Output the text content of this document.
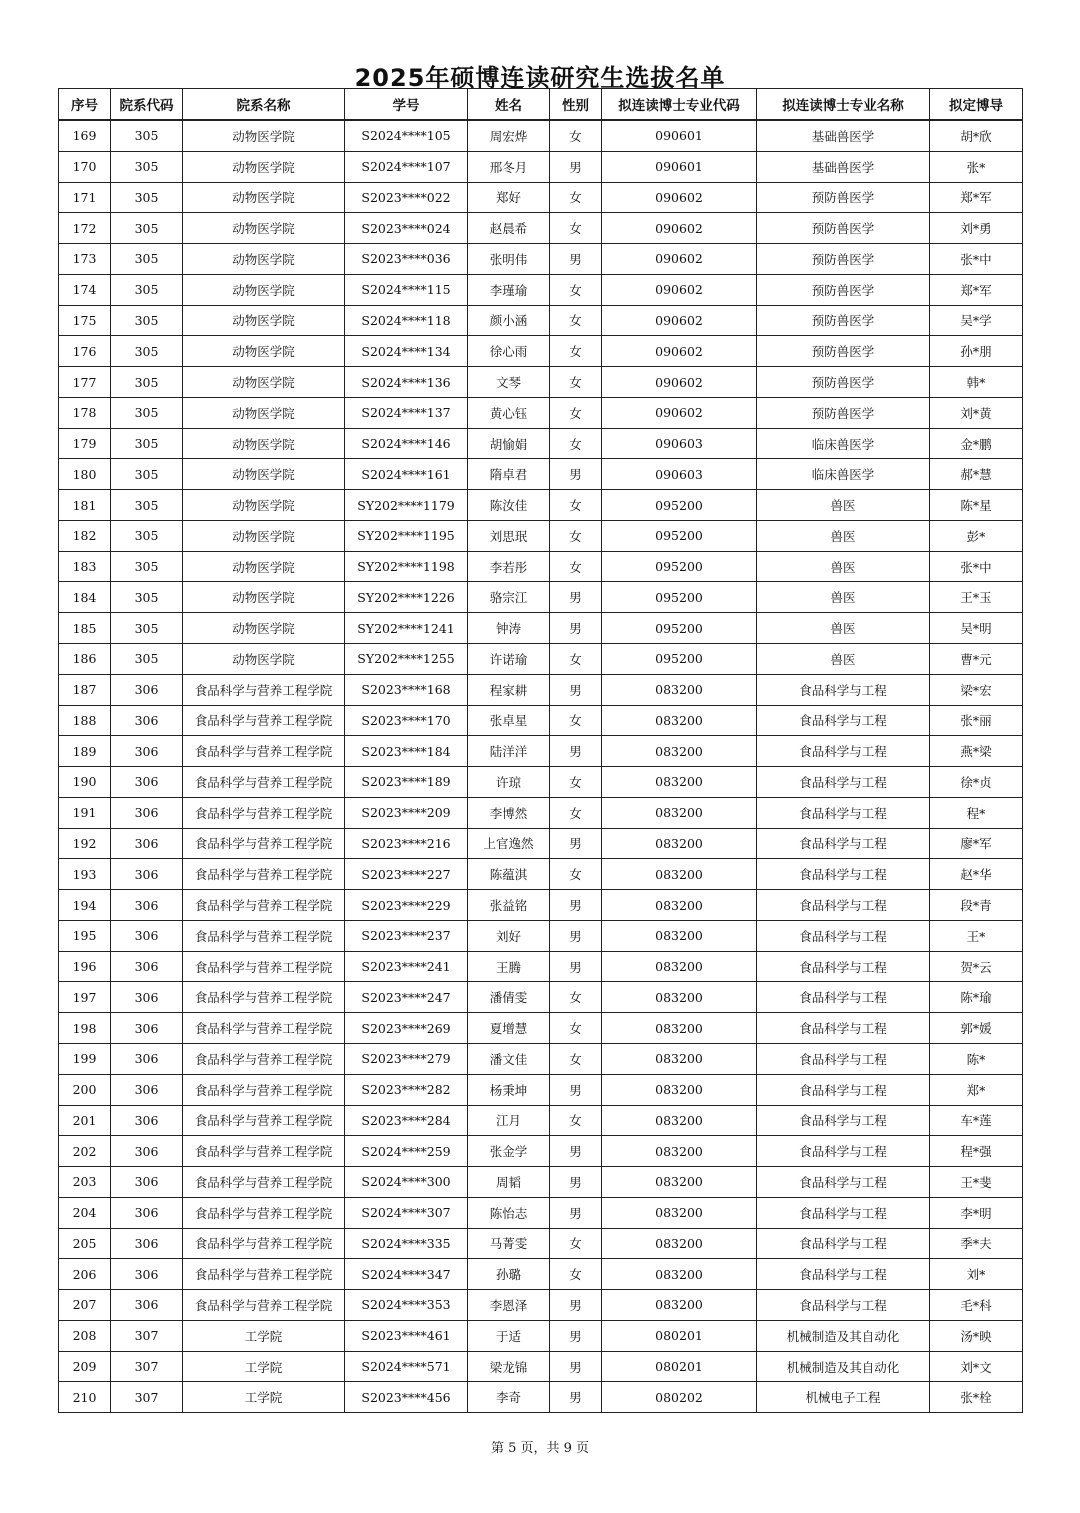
2025年硕博连读研究生选拔名单
序号	院系代码	院系名称	学号	姓名	性别	拟连读博士专业代码	拟连读博士专业名称	拟定博导
169	305	动物医学院	S2024****105	周宏烨	女	090601	基础兽医学	胡*欣
170	305	动物医学院	S2024****107	邢冬月	男	090601	基础兽医学	张*
171	305	动物医学院	S2023****022	郑好	女	090602	预防兽医学	郑*军
172	305	动物医学院	S2023****024	赵晨希	女	090602	预防兽医学	刘*勇
173	305	动物医学院	S2023****036	张明伟	男	090602	预防兽医学	张*中
174	305	动物医学院	S2024****115	李瑾瑜	女	090602	预防兽医学	郑*军
175	305	动物医学院	S2024****118	颜小涵	女	090602	预防兽医学	吴*学
176	305	动物医学院	S2024****134	徐心雨	女	090602	预防兽医学	孙*朋
177	305	动物医学院	S2024****136	文琴	女	090602	预防兽医学	韩*
178	305	动物医学院	S2024****137	黄心钰	女	090602	预防兽医学	刘*黄
179	305	动物医学院	S2024****146	胡愉娟	女	090603	临床兽医学	金*鹏
180	305	动物医学院	S2024****161	隋卓君	男	090603	临床兽医学	郝*慧
181	305	动物医学院	SY202****1179	陈汝佳	女	095200	兽医	陈*星
182	305	动物医学院	SY202****1195	刘思珉	女	095200	兽医	彭*
183	305	动物医学院	SY202****1198	李若彤	女	095200	兽医	张*中
184	305	动物医学院	SY202****1226	骆宗江	男	095200	兽医	王*玉
185	305	动物医学院	SY202****1241	钟涛	男	095200	兽医	吴*明
186	305	动物医学院	SY202****1255	许诺瑜	女	095200	兽医	曹*元
187	306	食品科学与营养工程学院	S2023****168	程家耕	男	083200	食品科学与工程	梁*宏
188	306	食品科学与营养工程学院	S2023****170	张卓星	女	083200	食品科学与工程	张*丽
189	306	食品科学与营养工程学院	S2023****184	陆洋洋	男	083200	食品科学与工程	燕*梁
190	306	食品科学与营养工程学院	S2023****189	许琼	女	083200	食品科学与工程	徐*贞
191	306	食品科学与营养工程学院	S2023****209	李博然	女	083200	食品科学与工程	程*
192	306	食品科学与营养工程学院	S2023****216	上官逸然	男	083200	食品科学与工程	廖*军
193	306	食品科学与营养工程学院	S2023****227	陈蕴淇	女	083200	食品科学与工程	赵*华
194	306	食品科学与营养工程学院	S2023****229	张益铭	男	083200	食品科学与工程	段*青
195	306	食品科学与营养工程学院	S2023****237	刘好	男	083200	食品科学与工程	王*
196	306	食品科学与营养工程学院	S2023****241	王腾	男	083200	食品科学与工程	贺*云
197	306	食品科学与营养工程学院	S2023****247	潘倩雯	女	083200	食品科学与工程	陈*瑜
198	306	食品科学与营养工程学院	S2023****269	夏增慧	女	083200	食品科学与工程	郭*媛
199	306	食品科学与营养工程学院	S2023****279	潘文佳	女	083200	食品科学与工程	陈*
200	306	食品科学与营养工程学院	S2023****282	杨秉坤	男	083200	食品科学与工程	郑*
201	306	食品科学与营养工程学院	S2023****284	江月	女	083200	食品科学与工程	车*莲
202	306	食品科学与营养工程学院	S2024****259	张金学	男	083200	食品科学与工程	程*强
203	306	食品科学与营养工程学院	S2024****300	周韬	男	083200	食品科学与工程	王*斐
204	306	食品科学与营养工程学院	S2024****307	陈怡志	男	083200	食品科学与工程	李*明
205	306	食品科学与营养工程学院	S2024****335	马菁雯	女	083200	食品科学与工程	季*夫
206	306	食品科学与营养工程学院	S2024****347	孙璐	女	083200	食品科学与工程	刘*
207	306	食品科学与营养工程学院	S2024****353	李恩泽	男	083200	食品科学与工程	毛*科
208	307	工学院	S2023****461	于适	男	080201	机械制造及其自动化	汤*映
209	307	工学院	S2024****571	梁龙锦	男	080201	机械制造及其自动化	刘*文
210	307	工学院	S2023****456	李奇	男	080202	机械电子工程	张*栓
第 5 页，共 9 页
